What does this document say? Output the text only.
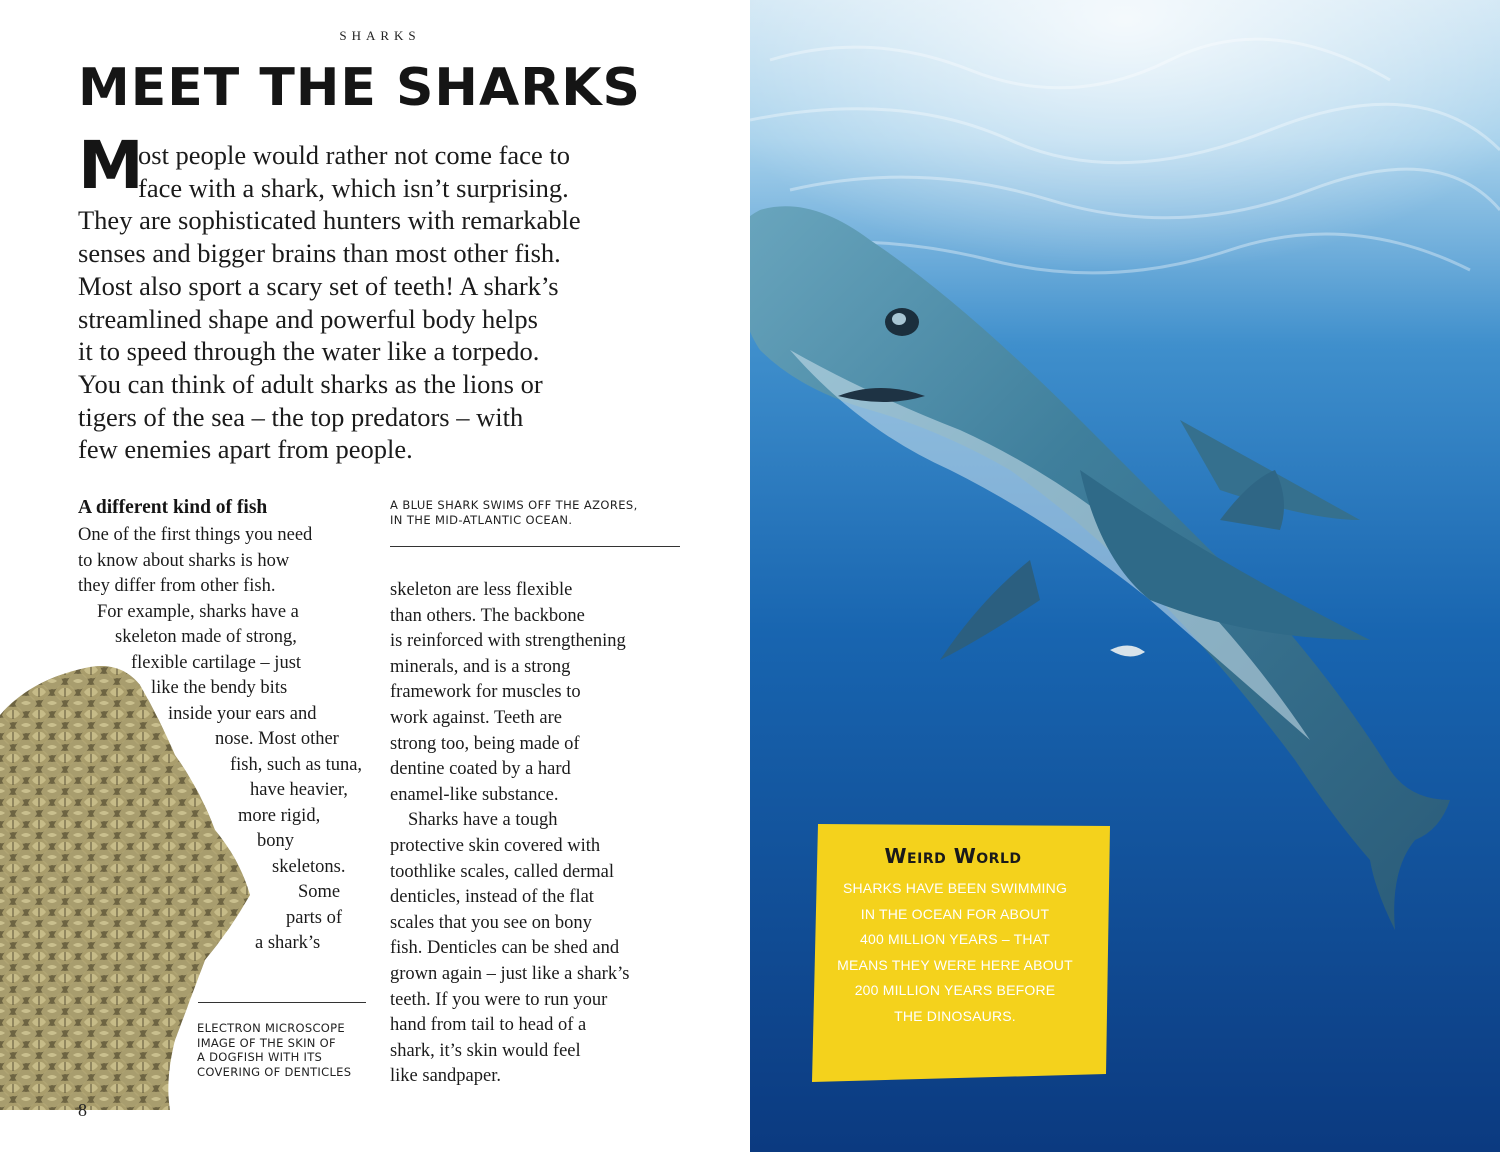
SHARKS
MEET THE SHARKS
M

ost people would rather not come face to
face with a shark, which isn’t surprising.
They are sophisticated hunters with remarkable
senses and bigger brains than most other fish.
Most also sport a scary set of teeth! A shark’s
streamlined shape and powerful body helps
it to speed through the water like a torpedo.
You can think of adult sharks as the lions or
tigers of the sea – the top predators – with
few enemies apart from people.

A different kind of fish
One of the first things you need
to know about sharks is how
they differ from other fish.
For example, sharks have a
skeleton made of strong,
flexible cartilage – just
like the bendy bits
inside your ears and
nose. Most other
fish, such as tuna,
have heavier,
more rigid,
bony
skeletons.
Some
parts of
a shark’s
A BLUE SHARK SWIMS OFF THE AZORES,
IN THE MID-ATLANTIC OCEAN.
skeleton are less flexible
than others. The backbone
is reinforced with strengthening
minerals, and is a strong
framework for muscles to
work against. Teeth are
strong too, being made of
dentine coated by a hard
enamel-like substance.
Sharks have a tough
protective skin covered with
toothlike scales, called dermal
denticles, instead of the flat
scales that you see on bony
fish. Denticles can be shed and
grown again – just like a shark’s
teeth. If you were to run your
hand from tail to head of a
shark, it’s skin would feel
like sandpaper.
ELECTRON MICROSCOPE
IMAGE OF THE SKIN OF
A DOGFISH WITH ITS
COVERING OF DENTICLES
8
Weird World
SHARKS HAVE BEEN SWIMMING
IN THE OCEAN FOR ABOUT
400 MILLION YEARS – THAT
MEANS THEY WERE HERE ABOUT
200 MILLION YEARS BEFORE
THE DINOSAURS.
